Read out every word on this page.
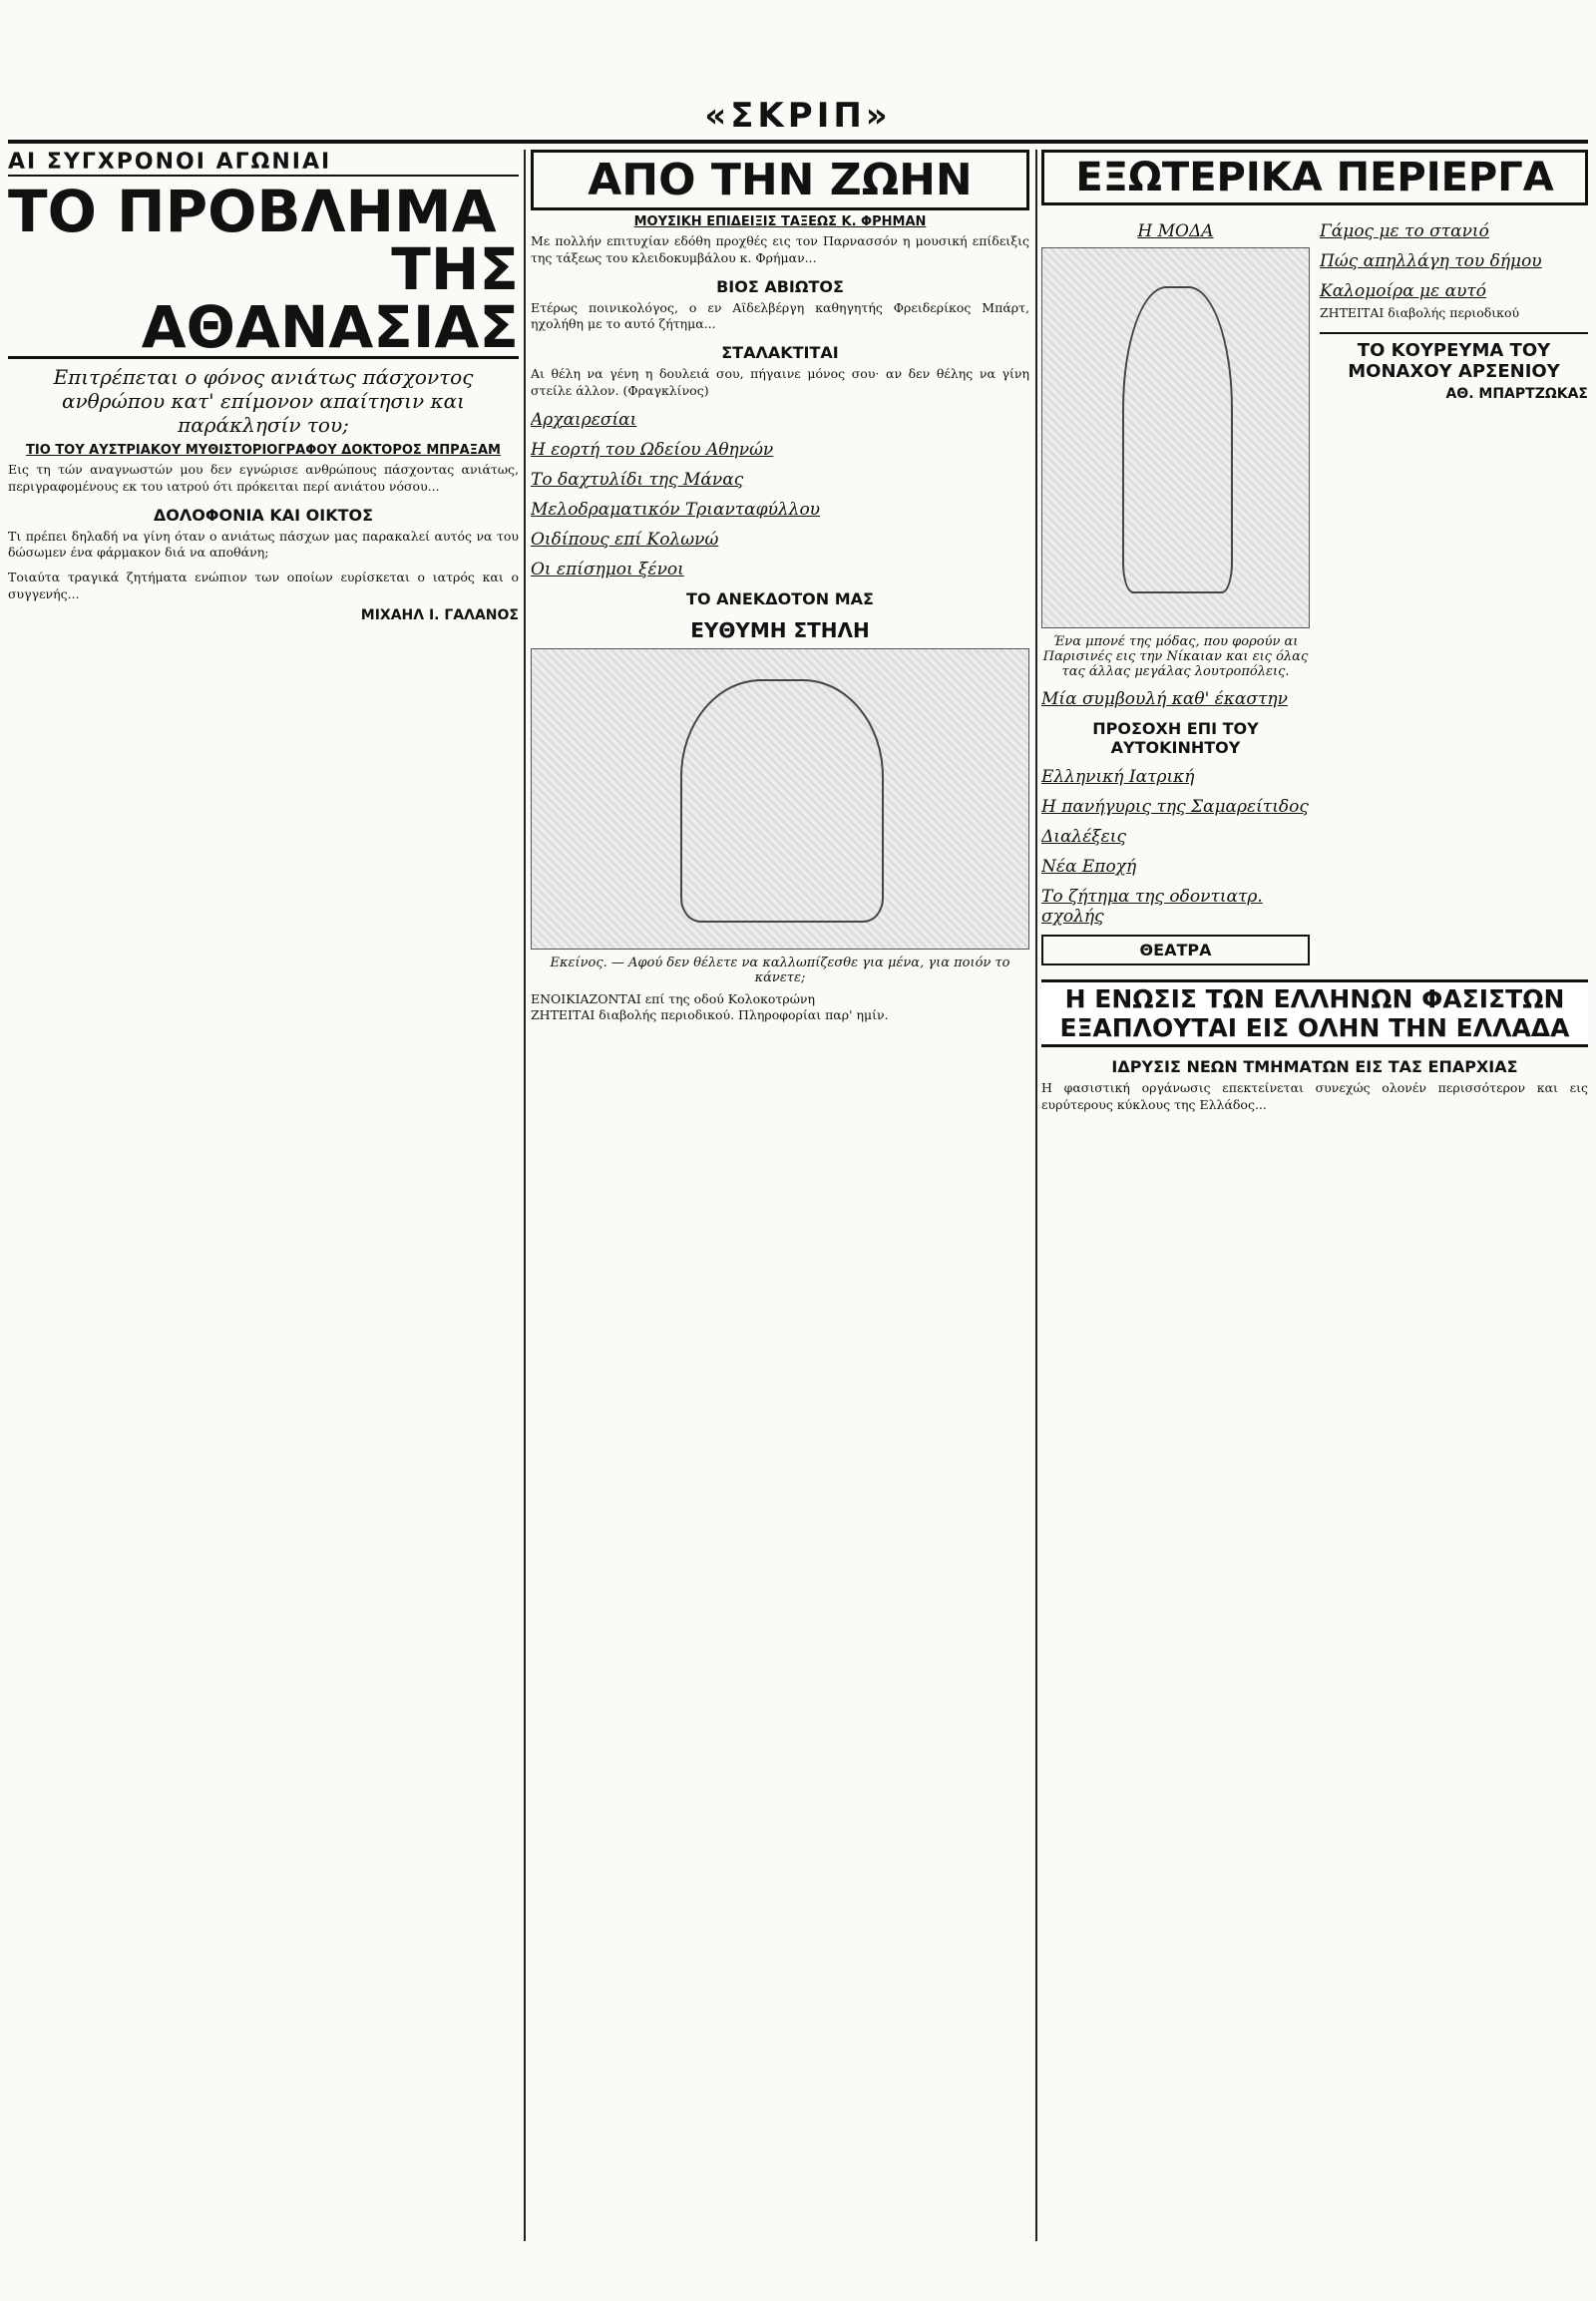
«ΣΚΡΙΠ»
ΑΙ ΣΥΓΧΡΟΝΟΙ ΑΓΩΝΙΑΙ
ΤΟ ΠΡΟΒΛΗΜΑ
ΤΗΣ ΑΘΑΝΑΣΙΑΣ
Επιτρέπεται ο φόνος ανιάτως πάσχοντος ανθρώπου κατ' επίμονον απαίτησιν και παράκλησίν του;
ΤΙΟ ΤΟΥ ΑΥΣΤΡΙΑΚΟΥ ΜΥΘΙΣΤΟΡΙΟΓΡΑΦΟΥ ΔΟΚΤΟΡΟΣ ΜΠΡΑΞΑΜ

Εις τη τών αναγνωστών μου δεν εγνώρισε ανθρώπους πάσχοντας ανιάτως, περιγραφομένους εκ του ιατρού ότι πρόκειται περί ανιάτου νόσου...

ΔΟΛΟΦΟΝΙΑ ΚΑΙ ΟΙΚΤΟΣ

Τι πρέπει δηλαδή να γίνη όταν ο ανιάτως πάσχων μας παρακαλεί αυτός να του δώσωμεν ένα φάρμακον διά να αποθάνη;

Τοιαύτα τραγικά ζητήματα ενώπιον των οποίων ευρίσκεται ο ιατρός και ο συγγενής...

ΜΙΧΑΗΛ Ι. ΓΑΛΑΝΟΣ
ΑΠΟ ΤΗΝ ΖΩΗΝ
ΜΟΥΣΙΚΗ ΕΠΙΔΕΙΞΙΣ ΤΑΞΕΩΣ Κ. ΦΡΗΜΑΝ

Με πολλήν επιτυχίαν εδόθη προχθές εις τον Παρνασσόν η μουσική επίδειξις της τάξεως του κλειδοκυμβάλου κ. Φρήμαν...

ΒΙΟΣ ΑΒΙΩΤΟΣ

Ετέρως ποινικολόγος, ο εν Αϊδελβέργη καθηγητής Φρειδερίκος Μπάρτ, ηχολήθη με το αυτό ζήτημα...

ΣΤΑΛΑΚΤΙΤΑΙ

Αι θέλη να γένη η δουλειά σου, πήγαινε μόνος σου· αν δεν θέλης να γίνη στείλε άλλον. (Φραγκλίνος)

Αρχαιρεσίαι
Η εορτή του Ωδείου Αθηνών
Το δαχτυλίδι της Μάνας
Μελοδραματικόν Τριανταφύλλου
Οιδίπους επί Κολωνώ
Οι επίσημοι ξένοι
ΤΟ ΑΝΕΚΔΟΤΟΝ ΜΑΣ
ΕΥΘΥΜΗ ΣΤΗΛΗ
Εκείνος. — Αφού δεν θέλετε να καλλωπίζεσθε για μένα, για ποιόν το κάνετε;

ΕΝΟΙΚΙΑΖΟΝΤΑΙ επί της οδού Κολοκοτρώνη

ΖΗΤΕΙΤΑΙ διαβολής περιοδικού. Πληροφορίαι παρ' ημίν.

ΕΞΩΤΕΡΙΚΑ ΠΕΡΙΕΡΓΑ
Η ΜΟΔΑ
Ένα μπονέ της μόδας, που φορούν αι Παρισινές εις την Νίκαιαν και εις όλας τας άλλας μεγάλας λουτροπόλεις.
Μία συμβουλή καθ' έκαστην
ΠΡΟΣΟΧΗ ΕΠΙ ΤΟΥ ΑΥΤΟΚΙΝΗΤΟΥ
Ελληνική Ιατρική
Η πανήγυρις της Σαμαρείτιδος
Διαλέξεις
Νέα Εποχή
Το ζήτημα της οδοντιατρ. σχολής
ΘΕΑΤΡΑ
Γάμος με το στανιό
Πώς απηλλάγη του δήμου
Καλομοίρα με αυτό

ΖΗΤΕΙΤΑΙ διαβολής περιοδικού

ΤΟ ΚΟΥΡΕΥΜΑ ΤΟΥ ΜΟΝΑΧΟΥ ΑΡΣΕΝΙΟΥ
ΑΘ. ΜΠΑΡΤΖΩΚΑΣ
Η ΕΝΩΣΙΣ ΤΩΝ ΕΛΛΗΝΩΝ ΦΑΣΙΣΤΩΝ
ΕΞΑΠΛΟΥΤΑΙ ΕΙΣ ΟΛΗΝ ΤΗΝ ΕΛΛΑΔΑ
ΙΔΡΥΣΙΣ ΝΕΩΝ ΤΜΗΜΑΤΩΝ ΕΙΣ ΤΑΣ ΕΠΑΡΧΙΑΣ

Η φασιστική οργάνωσις επεκτείνεται συνεχώς ολονέν περισσότερον και εις ευρύτερους κύκλους της Ελλάδος...
